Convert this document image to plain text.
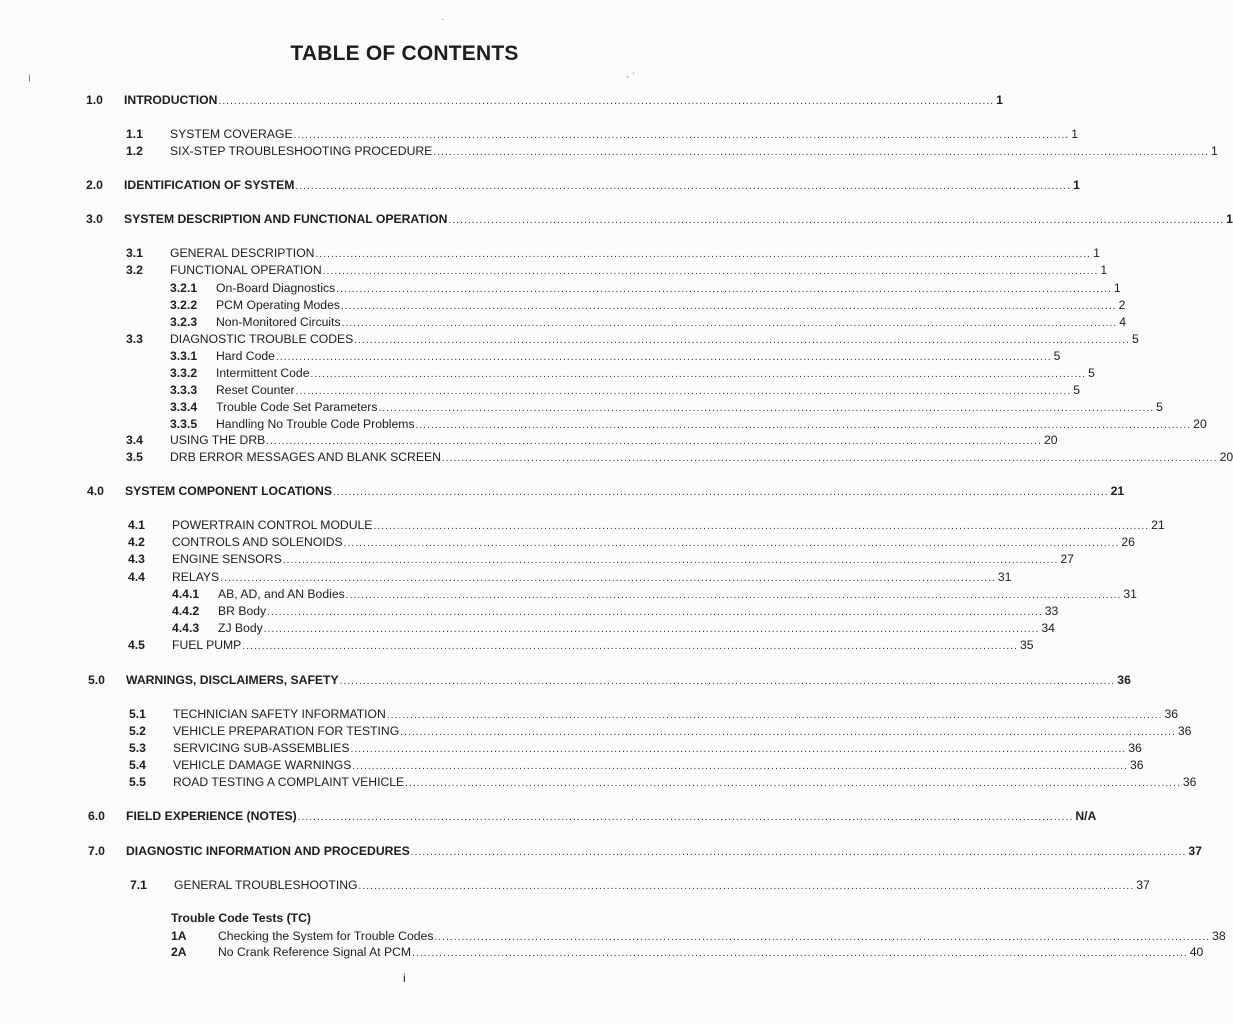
·
ꞁ	- ´
TABLE OF CONTENTS
1.0	INTRODUCTION ........................................................................................................................................................................................................ 1
1.1	SYSTEM COVERAGE ........................................................................................................................................................................................................ 1
1.2	SIX-STEP TROUBLESHOOTING PROCEDURE ........................................................................................................................................................................................................ 1
2.0	IDENTIFICATION OF SYSTEM ........................................................................................................................................................................................................ 1
3.0	SYSTEM DESCRIPTION AND FUNCTIONAL OPERATION ........................................................................................................................................................................................................ 1
3.1	GENERAL DESCRIPTION ........................................................................................................................................................................................................ 1
3.2	FUNCTIONAL OPERATION ........................................................................................................................................................................................................ 1
3.2.1	On-Board Diagnostics ........................................................................................................................................................................................................ 1
3.2.2	PCM Operating Modes ........................................................................................................................................................................................................ 2
3.2.3	Non-Monitored Circuits ........................................................................................................................................................................................................ 4
3.3	DIAGNOSTIC TROUBLE CODES ........................................................................................................................................................................................................ 5
3.3.1	Hard Code ........................................................................................................................................................................................................ 5
3.3.2	Intermittent Code ........................................................................................................................................................................................................ 5
3.3.3	Reset Counter ........................................................................................................................................................................................................ 5
3.3.4	Trouble Code Set Parameters ........................................................................................................................................................................................................ 5
3.3.5	Handling No Trouble Code Problems ........................................................................................................................................................................................................ 20
3.4	USING THE DRB ........................................................................................................................................................................................................ 20
3.5	DRB ERROR MESSAGES AND BLANK SCREEN ........................................................................................................................................................................................................ 20
4.0	SYSTEM COMPONENT LOCATIONS ........................................................................................................................................................................................................ 21
4.1	POWERTRAIN CONTROL MODULE ........................................................................................................................................................................................................ 21
4.2	CONTROLS AND SOLENOIDS ........................................................................................................................................................................................................ 26
4.3	ENGINE SENSORS ........................................................................................................................................................................................................ 27
4.4	RELAYS ........................................................................................................................................................................................................ 31
4.4.1	AB, AD, and AN Bodies ........................................................................................................................................................................................................ 31
4.4.2	BR Body ........................................................................................................................................................................................................ 33
4.4.3	ZJ Body ........................................................................................................................................................................................................ 34
4.5	FUEL PUMP ........................................................................................................................................................................................................ 35
5.0	WARNINGS, DISCLAIMERS, SAFETY ........................................................................................................................................................................................................ 36
5.1	TECHNICIAN SAFETY INFORMATION ........................................................................................................................................................................................................ 36
5.2	VEHICLE PREPARATION FOR TESTING ........................................................................................................................................................................................................ 36
5.3	SERVICING SUB-ASSEMBLIES ........................................................................................................................................................................................................ 36
5.4	VEHICLE DAMAGE WARNINGS ........................................................................................................................................................................................................ 36
5.5	ROAD TESTING A COMPLAINT VEHICLE ........................................................................................................................................................................................................ 36
6.0	FIELD EXPERIENCE (NOTES) ........................................................................................................................................................................................................ N/A
7.0	DIAGNOSTIC INFORMATION AND PROCEDURES ........................................................................................................................................................................................................ 37
7.1	GENERAL TROUBLESHOOTING ........................................................................................................................................................................................................ 37
1A	Checking the System for Trouble Codes ........................................................................................................................................................................................................ 38
2A	No Crank Reference Signal At PCM ........................................................................................................................................................................................................ 40
Trouble Code Tests (TC)
i
